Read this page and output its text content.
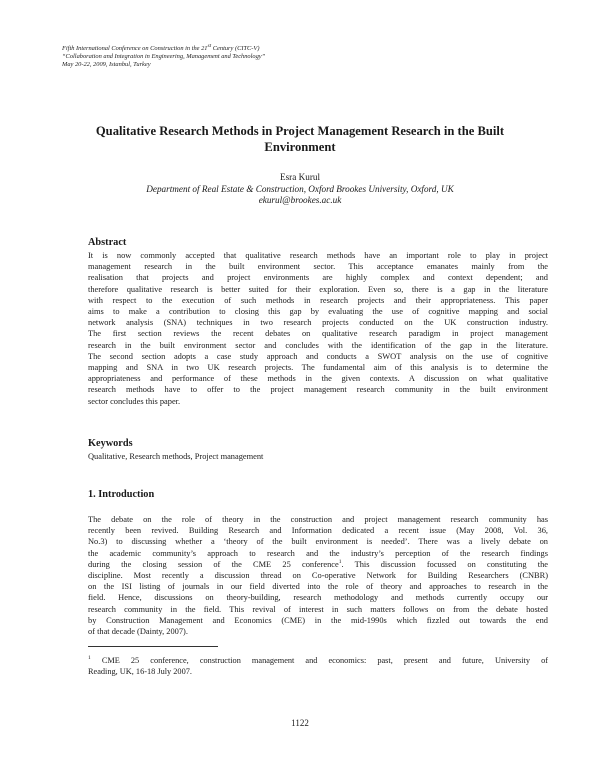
Fifth International Conference on Construction in the 21st Century (CITC-V)
“Collaboration and Integration in Engineering, Management and Technology”
May 20-22, 2009, Istanbul, Turkey
Qualitative Research Methods in Project Management Research in the Built
Environment
Esra Kurul
Department of Real Estate & Construction, Oxford Brookes University, Oxford, UK
ekurul@brookes.ac.uk
Abstract
It is now commonly accepted that qualitative research methods have an important role to play in project
management research in the built environment sector. This acceptance emanates mainly from the
realisation that projects and project environments are highly complex and context dependent; and
therefore qualitative research is better suited for their exploration. Even so, there is a gap in the literature
with respect to the execution of such methods in research projects and their appropriateness. This paper
aims to make a contribution to closing this gap by evaluating the use of cognitive mapping and social
network analysis (SNA) techniques in two research projects conducted on the UK construction industry.
The first section reviews the recent debates on qualitative research paradigm in project management
research in the built environment sector and concludes with the identification of the gap in the literature.
The second section adopts a case study approach and conducts a SWOT analysis on the use of cognitive
mapping and SNA in two UK research projects. The fundamental aim of this analysis is to determine the
appropriateness and performance of these methods in the given contexts. A discussion on what qualitative
research methods have to offer to the project management research community in the built environment
sector concludes this paper.
Keywords
Qualitative, Research methods, Project management
1. Introduction
The debate on the role of theory in the construction and project management research community has
recently been revived. Building Research and Information dedicated a recent issue (May 2008, Vol. 36,
No.3) to discussing whether a ‘theory of the built environment is needed’. There was a lively debate on
the academic community’s approach to research and the industry’s perception of the research findings
during the closing session of the CME 25 conference$^1$. This discussion focussed on constituting the
discipline. Most recently a discussion thread on Co-operative Network for Building Researchers (CNBR)
on the ISI listing of journals in our field diverted into the role of theory and approaches to research in the
field. Hence, discussions on theory-building, research methodology and methods currently occupy our
research community in the field. This revival of interest in such matters follows on from the debate hosted
by Construction Management and Economics (CME) in the mid-1990s which fizzled out towards the end
of that decade (Dainty, 2007).
$^1$ CME 25 conference, construction management and economics: past, present and future, University of
Reading, UK, 16-18 July 2007.
1122
